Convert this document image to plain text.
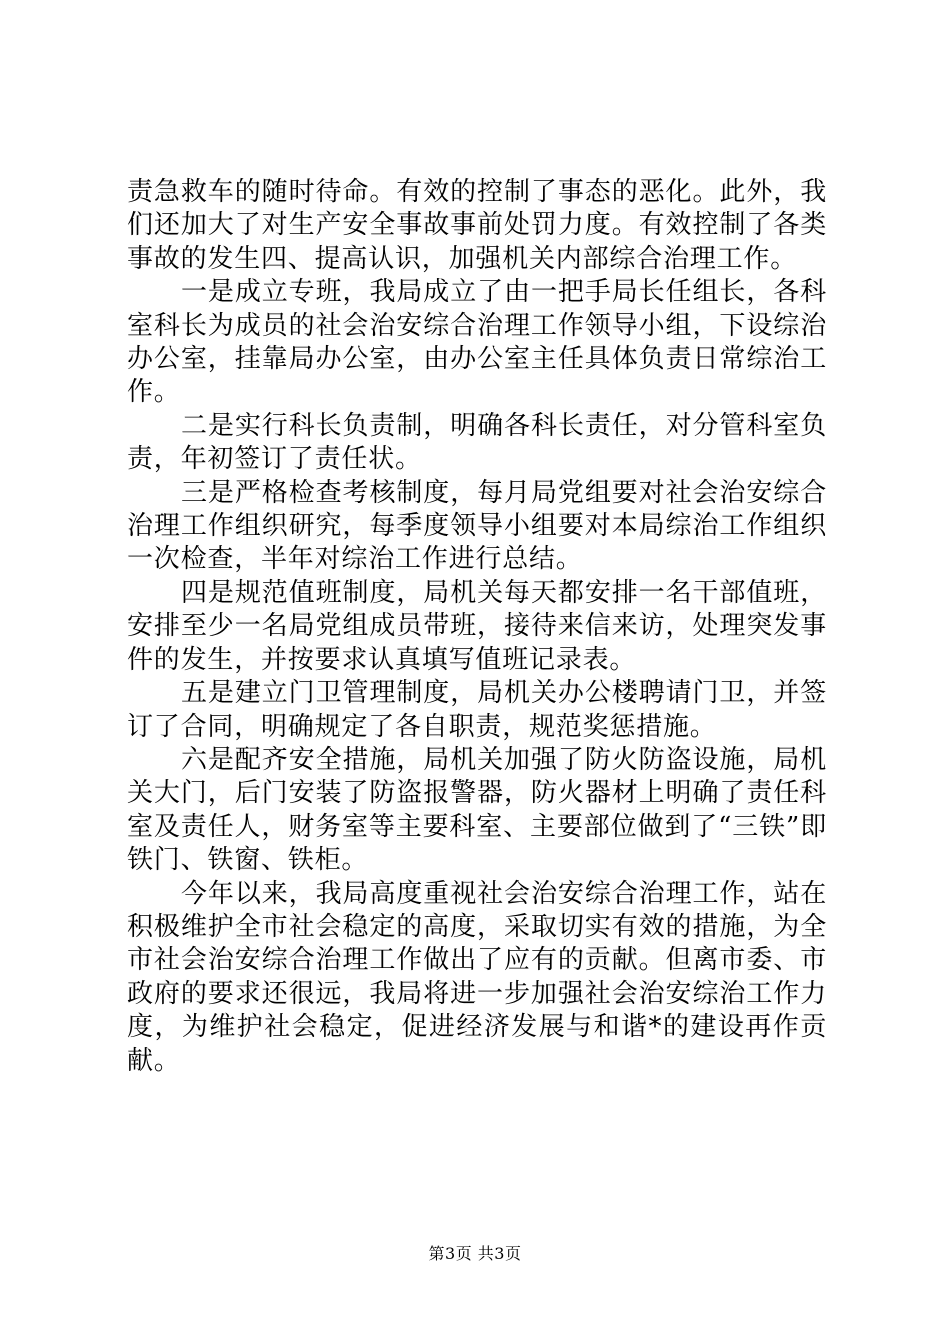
责急救车的随时待命。有效的控制了事态的恶化。此外，我们还加大了对生产安全事故事前处罚力度。有效控制了各类事故的发生四、提高认识，加强机关内部综合治理工作。

一是成立专班，我局成立了由一把手局长任组长，各科室科长为成员的社会治安综合治理工作领导小组，下设综治办公室，挂靠局办公室，由办公室主任具体负责日常综治工作。

二是实行科长负责制，明确各科长责任，对分管科室负责，年初签订了责任状。

三是严格检查考核制度，每月局党组要对社会治安综合治理工作组织研究，每季度领导小组要对本局综治工作组织一次检查，半年对综治工作进行总结。

四是规范值班制度，局机关每天都安排一名干部值班，安排至少一名局党组成员带班，接待来信来访，处理突发事件的发生，并按要求认真填写值班记录表。

五是建立门卫管理制度，局机关办公楼聘请门卫，并签订了合同，明确规定了各自职责，规范奖惩措施。

六是配齐安全措施，局机关加强了防火防盗设施，局机关大门，后门安装了防盗报警器，防火器材上明确了责任科室及责任人，财务室等主要科室、主要部位做到了“三铁”即铁门、铁窗、铁柜。

今年以来，我局高度重视社会治安综合治理工作，站在积极维护全市社会稳定的高度，采取切实有效的措施，为全市社会治安综合治理工作做出了应有的贡献。但离市委、市政府的要求还很远，我局将进一步加强社会治安综治工作力度，为维护社会稳定，促进经济发展与和谐*的建设再作贡献。

第3页 共3页
